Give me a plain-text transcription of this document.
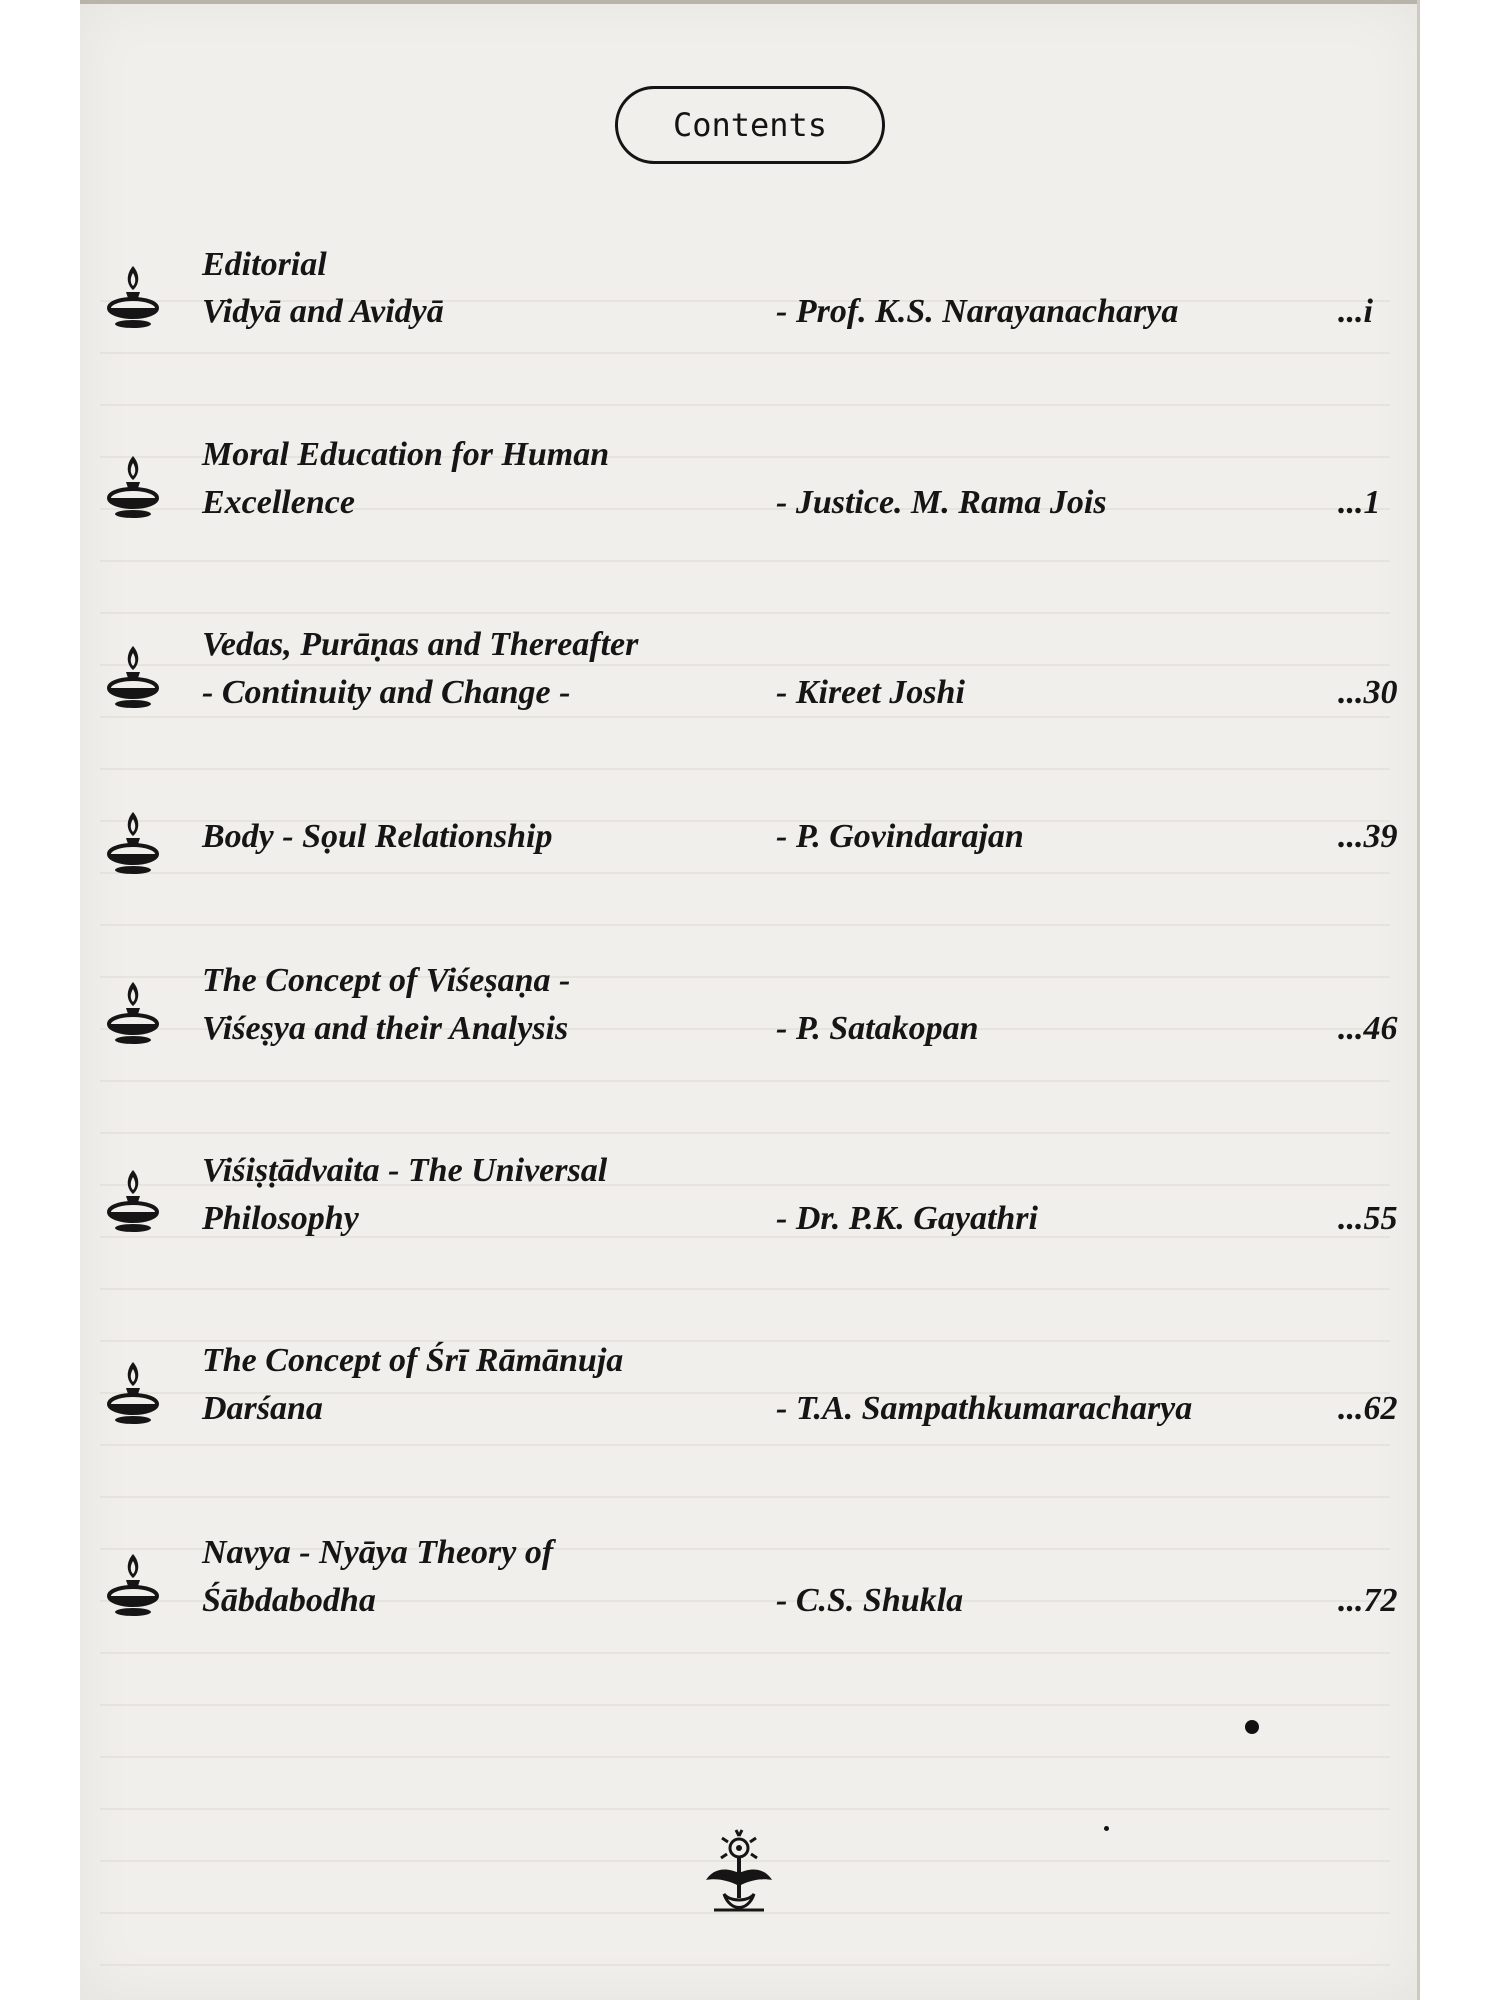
Contents
Editorial
Vidyā and Avidyā	- Prof. K.S. Narayanacharya	...i
Moral Education for Human
Excellence	- Justice. M. Rama Jois	...1
Vedas, Purāṇas and Thereafter
- Continuity and Change -	- Kireet Joshi	...30
Body - Sọul Relationship	- P. Govindarajan	...39
The Concept of Viśeṣaṇa -
Viśeṣya and their Analysis	- P. Satakopan	...46
Viśiṣṭādvaita - The Universal
Philosophy	- Dr. P.K. Gayathri	...55
The Concept of Śrī Rāmānuja
Darśana	- T.A. Sampathkumaracharya	...62
Navya - Nyāya Theory of
Śābdabodha	- C.S. Shukla	...72
